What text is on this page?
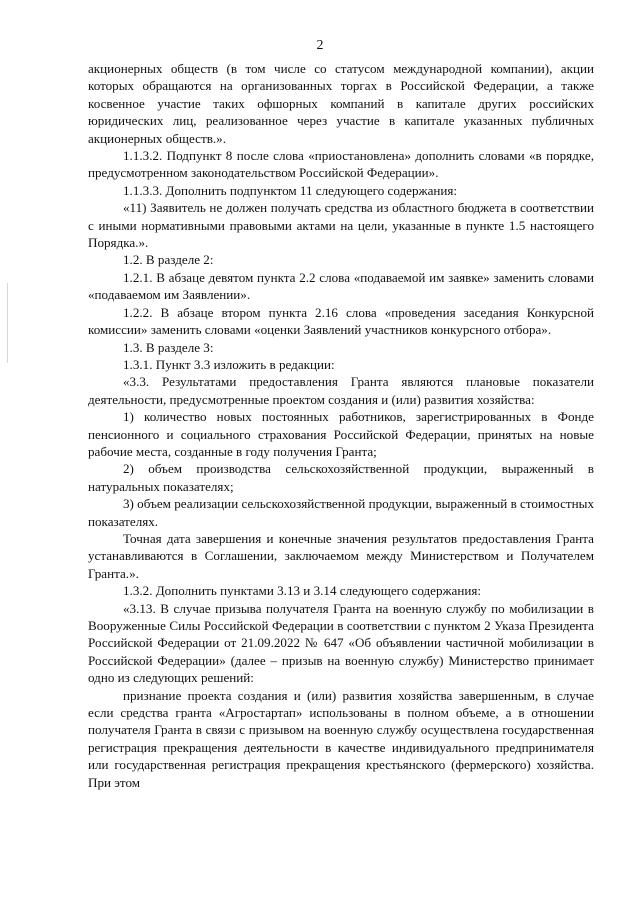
2

акционерных обществ (в том числе со статусом международной компании), акции которых обращаются на организованных торгах в Российской Федерации, а также косвенное участие таких офшорных компаний в капитале других российских юридических лиц, реализованное через участие в капитале указанных публичных акционерных обществ.».

1.1.3.2. Подпункт 8 после слова «приостановлена» дополнить словами «в порядке, предусмотренном законодательством Российской Федерации».

1.1.3.3. Дополнить подпунктом 11 следующего содержания:

«11) Заявитель не должен получать средства из областного бюджета в соответствии с иными нормативными правовыми актами на цели, указанные в пункте 1.5 настоящего Порядка.».

1.2. В разделе 2:

1.2.1. В абзаце девятом пункта 2.2 слова «подаваемой им заявке» заменить словами «подаваемом им Заявлении».

1.2.2. В абзаце втором пункта 2.16 слова «проведения заседания Конкурсной комиссии» заменить словами «оценки Заявлений участников конкурсного отбора».

1.3. В разделе 3:

1.3.1. Пункт 3.3 изложить в редакции:

«3.3. Результатами предоставления Гранта являются плановые показатели деятельности, предусмотренные проектом создания и (или) развития хозяйства:

1) количество новых постоянных работников, зарегистрированных в Фонде пенсионного и социального страхования Российской Федерации, принятых на новые рабочие места, созданные в году получения Гранта;

2) объем производства сельскохозяйственной продукции, выраженный в натуральных показателях;

3) объем реализации сельскохозяйственной продукции, выраженный в стоимостных показателях.

Точная дата завершения и конечные значения результатов предоставления Гранта устанавливаются в Соглашении, заключаемом между Министерством и Получателем Гранта.».

1.3.2. Дополнить пунктами 3.13 и 3.14 следующего содержания:

«3.13. В случае призыва получателя Гранта на военную службу по мобилизации в Вооруженные Силы Российской Федерации в соответствии с пунктом 2 Указа Президента Российской Федерации от 21.09.2022 № 647 «Об объявлении частичной мобилизации в Российской Федерации» (далее – призыв на военную службу) Министерство принимает одно из следующих решений:

признание проекта создания и (или) развития хозяйства завершенным, в случае если средства гранта «Агростартап» использованы в полном объеме, а в отношении получателя Гранта в связи с призывом на военную службу осуществлена государственная регистрация прекращения деятельности в качестве индивидуального предпринимателя или государственная регистрация прекращения крестьянского (фермерского) хозяйства. При этом
